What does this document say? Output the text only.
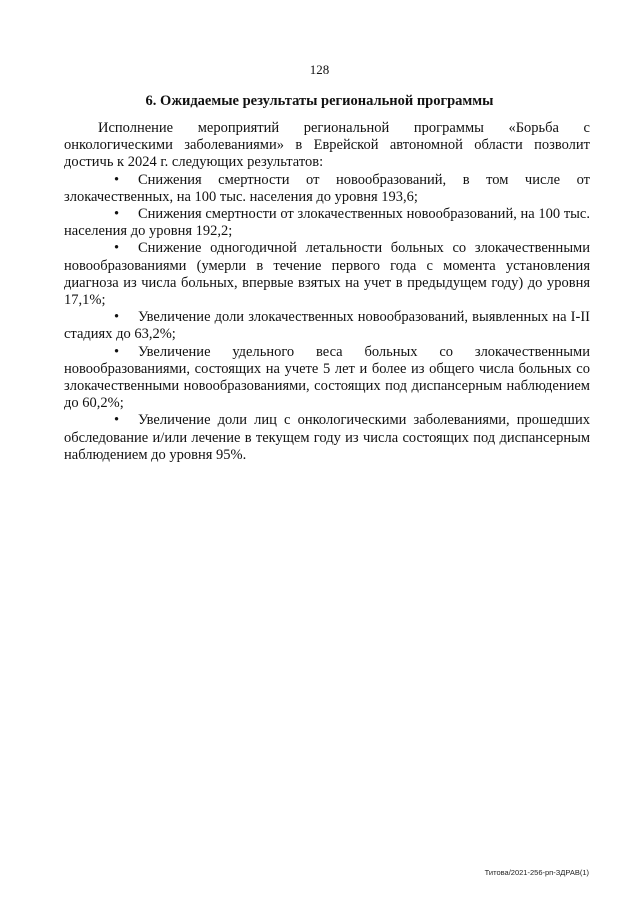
128
6. Ожидаемые результаты региональной программы

Исполнение мероприятий региональной программы «Борьба с онкологическими заболеваниями» в Еврейской автономной области позволит достичь к 2024 г. следующих результатов:

• Снижения смертности от новообразований, в том числе от злокачественных, на 100 тыс. населения до уровня 193,6;

• Снижения смертности от злокачественных новообразований, на 100 тыс. населения до уровня 192,2;

• Снижение одногодичной летальности больных со злокачественными новообразованиями (умерли в течение первого года с момента установления диагноза из числа больных, впервые взятых на учет в предыдущем году) до уровня 17,1%;

• Увеличение доли злокачественных новообразований, выявленных на I-II стадиях до 63,2%;

• Увеличение удельного веса больных со злокачественными новообразованиями, состоящих на учете 5 лет и более из общего числа больных со злокачественными новообразованиями, состоящих под диспансерным наблюдением до 60,2%;

• Увеличение доли лиц с онкологическими заболеваниями, прошедших обследование и/или лечение в текущем году из числа состоящих под диспансерным наблюдением до уровня 95%.

Титова/2021-256-рп-ЗДРАВ(1)
